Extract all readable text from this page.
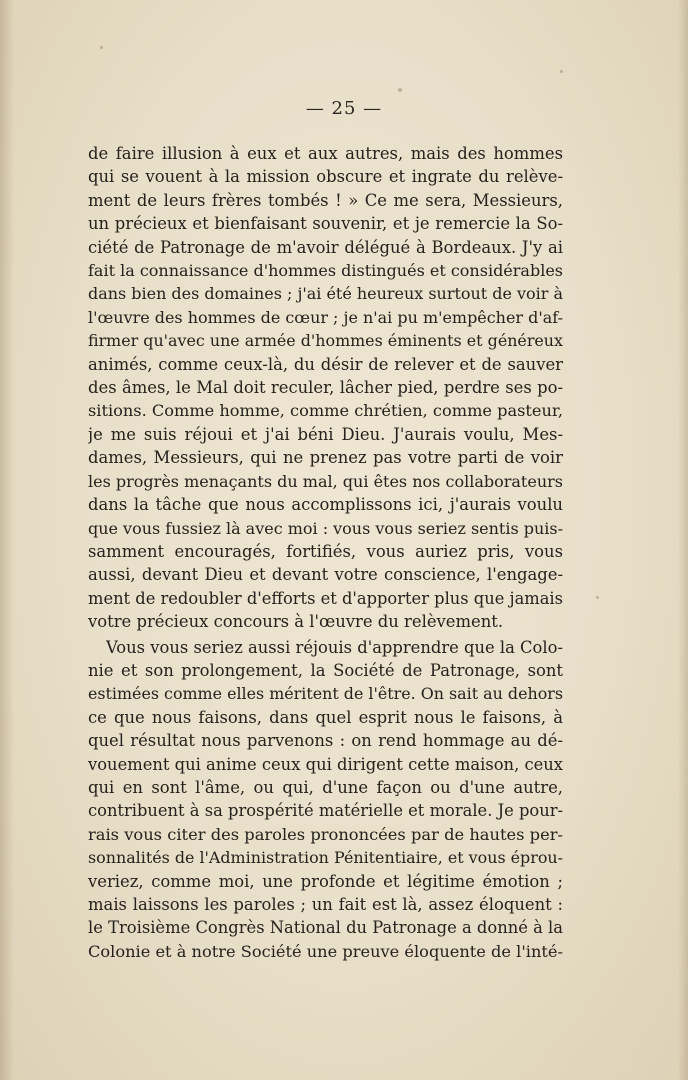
— 25 —

de faire illusion à eux et aux autres, mais des hommes
qui se vouent à la mission obscure et ingrate du relève-
ment de leurs frères tombés ! » Ce me sera, Messieurs,
un précieux et bienfaisant souvenir, et je remercie la So-
ciété de Patronage de m'avoir délégué à Bordeaux. J'y ai
fait la connaissance d'hommes distingués et considérables
dans bien des domaines ; j'ai été heureux surtout de voir à
l'œuvre des hommes de cœur ; je n'ai pu m'empêcher d'af-
firmer qu'avec une armée d'hommes éminents et généreux
animés, comme ceux-là, du désir de relever et de sauver
des âmes, le Mal doit reculer, lâcher pied, perdre ses po-
sitions. Comme homme, comme chrétien, comme pasteur,
je me suis réjoui et j'ai béni Dieu. J'aurais voulu, Mes-
dames, Messieurs, qui ne prenez pas votre parti de voir
les progrès menaçants du mal, qui êtes nos collaborateurs
dans la tâche que nous accomplissons ici, j'aurais voulu
que vous fussiez là avec moi : vous vous seriez sentis puis-
samment encouragés, fortifiés, vous auriez pris, vous
aussi, devant Dieu et devant votre conscience, l'engage-
ment de redoubler d'efforts et d'apporter plus que jamais
votre précieux concours à l'œuvre du relèvement.

Vous vous seriez aussi réjouis d'apprendre que la Colo-
nie et son prolongement, la Société de Patronage, sont
estimées comme elles méritent de l'être. On sait au dehors
ce que nous faisons, dans quel esprit nous le faisons, à
quel résultat nous parvenons : on rend hommage au dé-
vouement qui anime ceux qui dirigent cette maison, ceux
qui en sont l'âme, ou qui, d'une façon ou d'une autre,
contribuent à sa prospérité matérielle et morale. Je pour-
rais vous citer des paroles prononcées par de hautes per-
sonnalités de l'Administration Pénitentiaire, et vous éprou-
veriez, comme moi, une profonde et légitime émotion ;
mais laissons les paroles ; un fait est là, assez éloquent :
le Troisième Congrès National du Patronage a donné à la
Colonie et à notre Société une preuve éloquente de l'inté-
